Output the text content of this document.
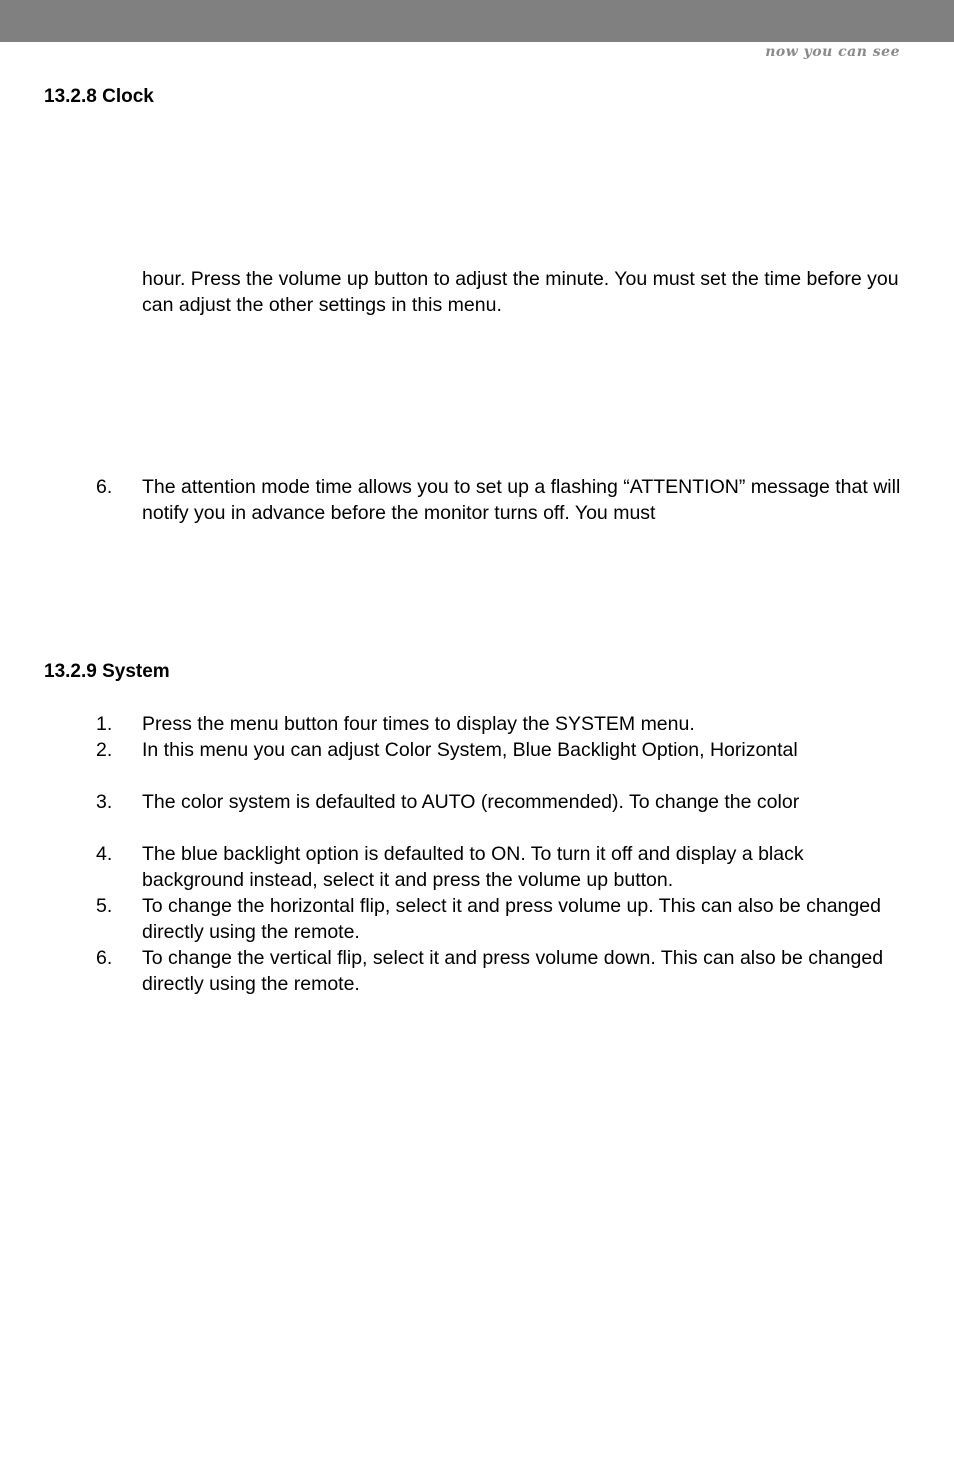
now you can see
13.2.8 Clock

hour. Press the volume up button to adjust the minute. You must set the time before you can adjust the other settings in this menu.

6.	The attention mode time allows you to set up a flashing “ATTENTION” message that will notify you in advance before the monitor turns off. You must
13.2.9 System
1.	Press the menu button four times to display the SYSTEM menu.
2.	In this menu you can adjust Color System, Blue Backlight Option, Horizontal
3.	The color system is defaulted to AUTO (recommended). To change the color
4.	The blue backlight option is defaulted to ON. To turn it off and display a black background instead, select it and press the volume up button.
5.	To change the horizontal flip, select it and press volume up. This can also be changed directly using the remote.
6.	To change the vertical flip, select it and press volume down. This can also be changed directly using the remote.
